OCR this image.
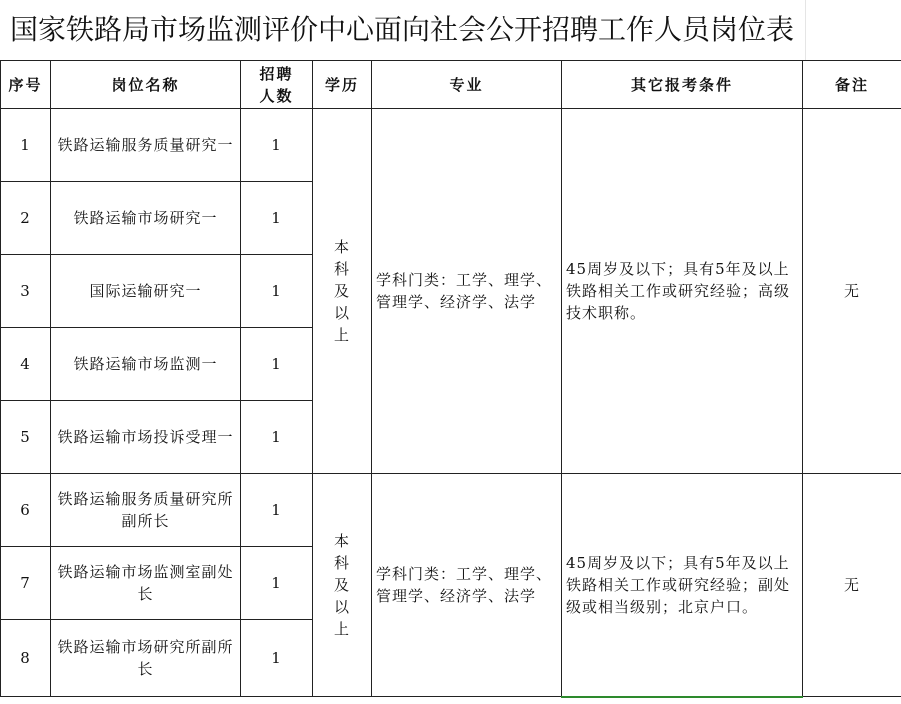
国家铁路局市场监测评价中心面向社会公开招聘工作人员岗位表
序号	岗位名称	招聘人数	学历	专业	其它报考条件	备注
1	铁路运输服务质量研究一	1	本科及以上	学科门类：工学、理学、管理学、经济学、法学	45周岁及以下；具有5年及以上铁路相关工作或研究经验；高级技术职称。	无
2	铁路运输市场研究一	1				
3	国际运输研究一	1				
4	铁路运输市场监测一	1				
5	铁路运输市场投诉受理一	1				
6	铁路运输服务质量研究所 副所长	1	本科及以上	学科门类：工学、理学、管理学、经济学、法学	45周岁及以下；具有5年及以上铁路相关工作或研究经验；副处级或相当级别；北京户口。	无
7	铁路运输市场监测室副处长	1				
8	铁路运输市场研究所副所长	1				
